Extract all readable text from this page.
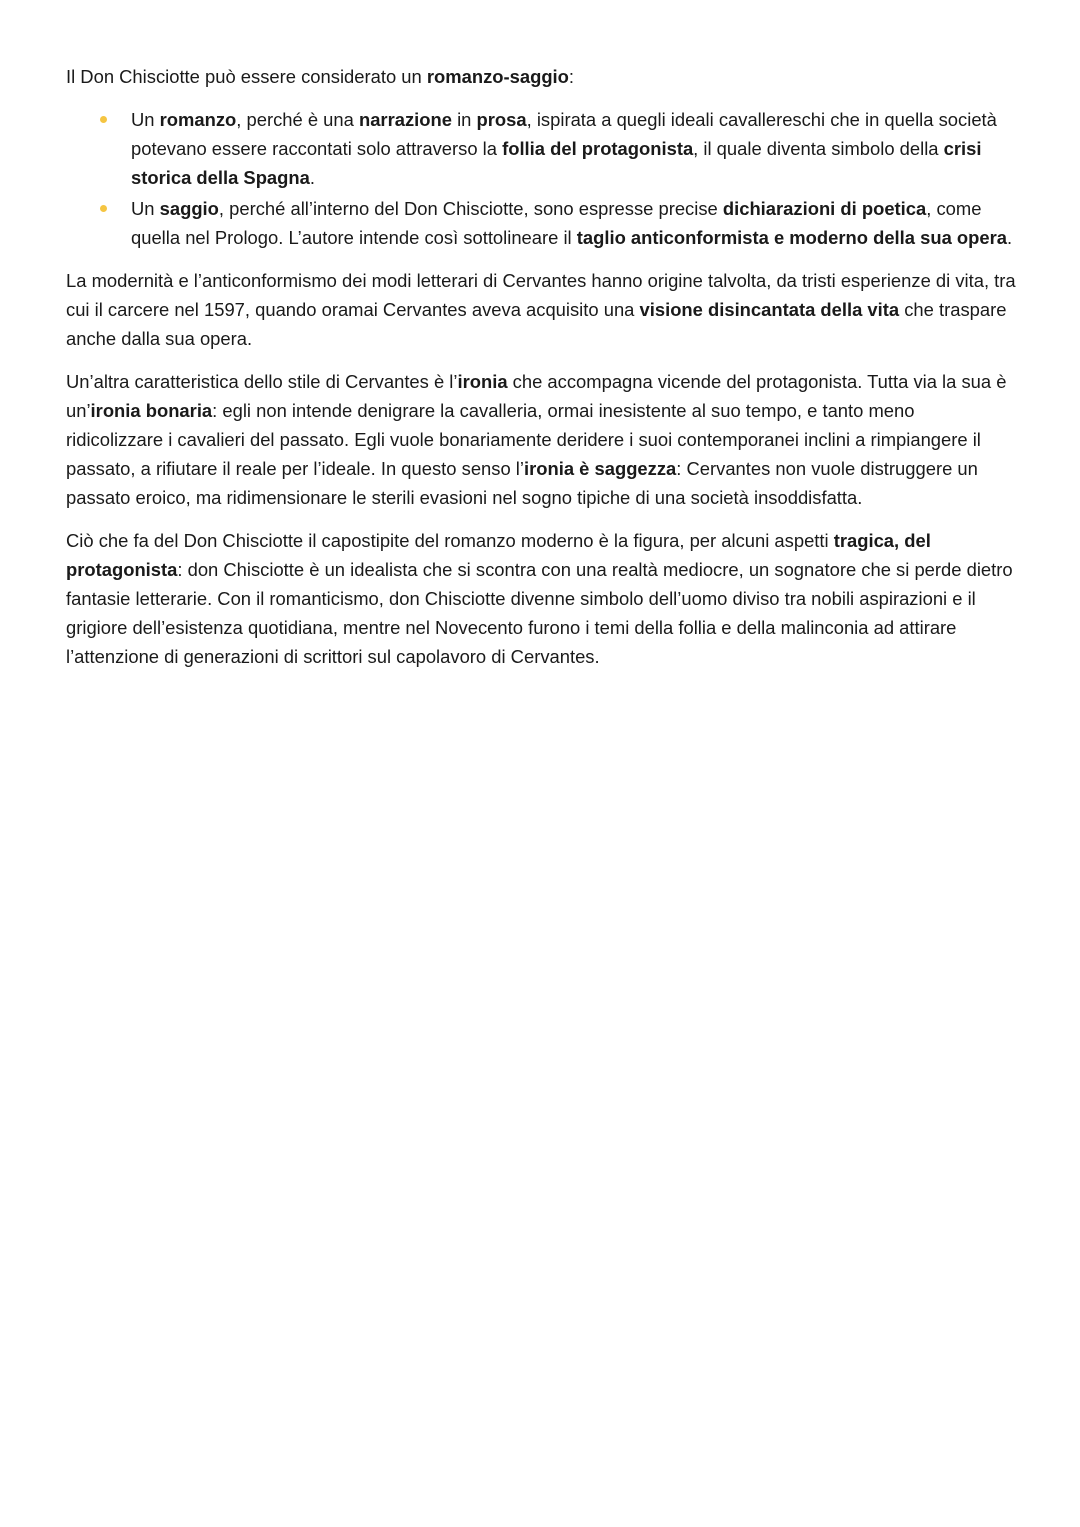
Il Don Chisciotte può essere considerato un romanzo-saggio:

Un romanzo, perché è una narrazione in prosa, ispirata a quegli ideali cavallereschi che in quella società potevano essere raccontati solo attraverso la follia del protagonista, il quale diventa simbolo della crisi storica della Spagna.
Un saggio, perché all’interno del Don Chisciotte, sono espresse precise dichiarazioni di poetica, come quella nel Prologo. L’autore intende così sottolineare il taglio anticonformista e moderno della sua opera.

La modernità e l’anticonformismo dei modi letterari di Cervantes hanno origine talvolta, da tristi esperienze di vita, tra cui il carcere nel 1597, quando oramai Cervantes aveva acquisito una visione disincantata della vita che traspare anche dalla sua opera.

Un’altra caratteristica dello stile di Cervantes è l’ironia che accompagna vicende del protagonista. Tutta via la sua è un’ironia bonaria: egli non intende denigrare la cavalleria, ormai inesistente al suo tempo, e tanto meno ridicolizzare i cavalieri del passato. Egli vuole bonariamente deridere i suoi contemporanei inclini a rimpiangere il passato, a rifiutare il reale per l’ideale. In questo senso l’ironia è saggezza: Cervantes non vuole distruggere un passato eroico, ma ridimensionare le sterili evasioni nel sogno tipiche di una società insoddisfatta.

Ciò che fa del Don Chisciotte il capostipite del romanzo moderno è la figura, per alcuni aspetti tragica, del protagonista: don Chisciotte è un idealista che si scontra con una realtà mediocre, un sognatore che si perde dietro fantasie letterarie. Con il romanticismo, don Chisciotte divenne simbolo dell’uomo diviso tra nobili aspirazioni e il grigiore dell’esistenza quotidiana, mentre nel Novecento furono i temi della follia e della malinconia ad attirare l’attenzione di generazioni di scrittori sul capolavoro di Cervantes.
